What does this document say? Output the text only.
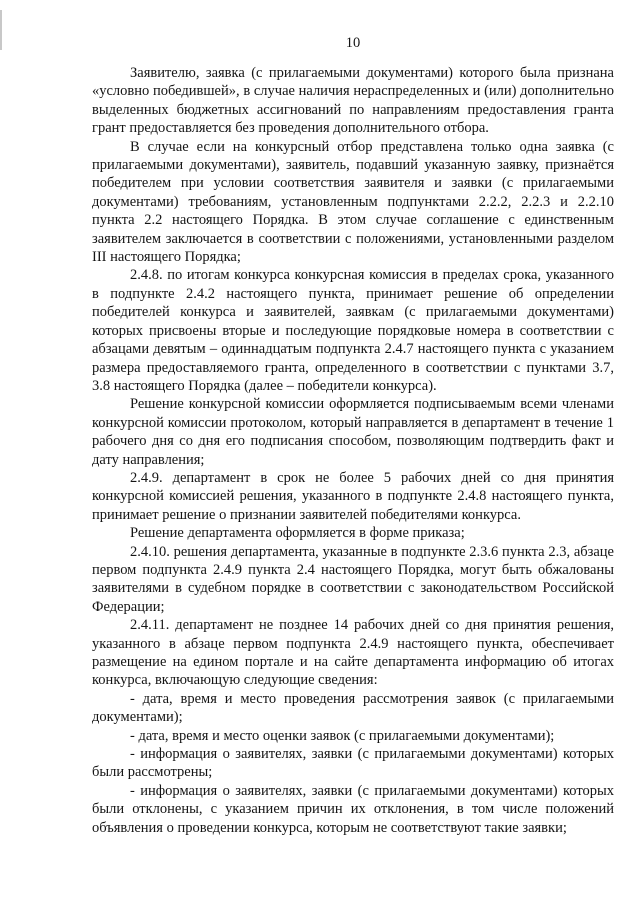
10

Заявителю, заявка (с прилагаемыми документами) которого была признана «условно победившей», в случае наличия нераспределенных и (или) дополнительно выделенных бюджетных ассигнований по направлениям предоставления гранта грант предоставляется без проведения дополнительного отбора.

В случае если на конкурсный отбор представлена только одна заявка (с прилагаемыми документами), заявитель, подавший указанную заявку, признаётся победителем при условии соответствия заявителя и заявки (с прилагаемыми документами) требованиям, установленным подпунктами 2.2.2, 2.2.3 и 2.2.10 пункта 2.2 настоящего Порядка. В этом случае соглашение с единственным заявителем заключается в соответствии с положениями, установленными разделом III настоящего Порядка;

2.4.8. по итогам конкурса конкурсная комиссия в пределах срока, указанного в подпункте 2.4.2 настоящего пункта, принимает решение об определении победителей конкурса и заявителей, заявкам (с прилагаемыми документами) которых присвоены вторые и последующие порядковые номера в соответствии с абзацами девятым – одиннадцатым подпункта 2.4.7 настоящего пункта с указанием размера предоставляемого гранта, определенного в соответствии с пунктами 3.7, 3.8 настоящего Порядка (далее – победители конкурса).

Решение конкурсной комиссии оформляется подписываемым всеми членами конкурсной комиссии протоколом, который направляется в департамент в течение 1 рабочего дня со дня его подписания способом, позволяющим подтвердить факт и дату направления;

2.4.9. департамент в срок не более 5 рабочих дней со дня принятия конкурсной комиссией решения, указанного в подпункте 2.4.8 настоящего пункта, принимает решение о признании заявителей победителями конкурса.

Решение департамента оформляется в форме приказа;

2.4.10. решения департамента, указанные в подпункте 2.3.6 пункта 2.3, абзаце первом подпункта 2.4.9 пункта 2.4 настоящего Порядка, могут быть обжалованы заявителями в судебном порядке в соответствии с законодательством Российской Федерации;

2.4.11. департамент не позднее 14 рабочих дней со дня принятия решения, указанного в абзаце первом подпункта 2.4.9 настоящего пункта, обеспечивает размещение на едином портале и на сайте департамента информацию об итогах конкурса, включающую следующие сведения:

- дата, время и место проведения рассмотрения заявок (с прилагаемыми документами);

- дата, время и место оценки заявок (с прилагаемыми документами);

- информация о заявителях, заявки (с прилагаемыми документами) которых были рассмотрены;

- информация о заявителях, заявки (с прилагаемыми документами) которых были отклонены, с указанием причин их отклонения, в том числе положений объявления о проведении конкурса, которым не соответствуют такие заявки;
